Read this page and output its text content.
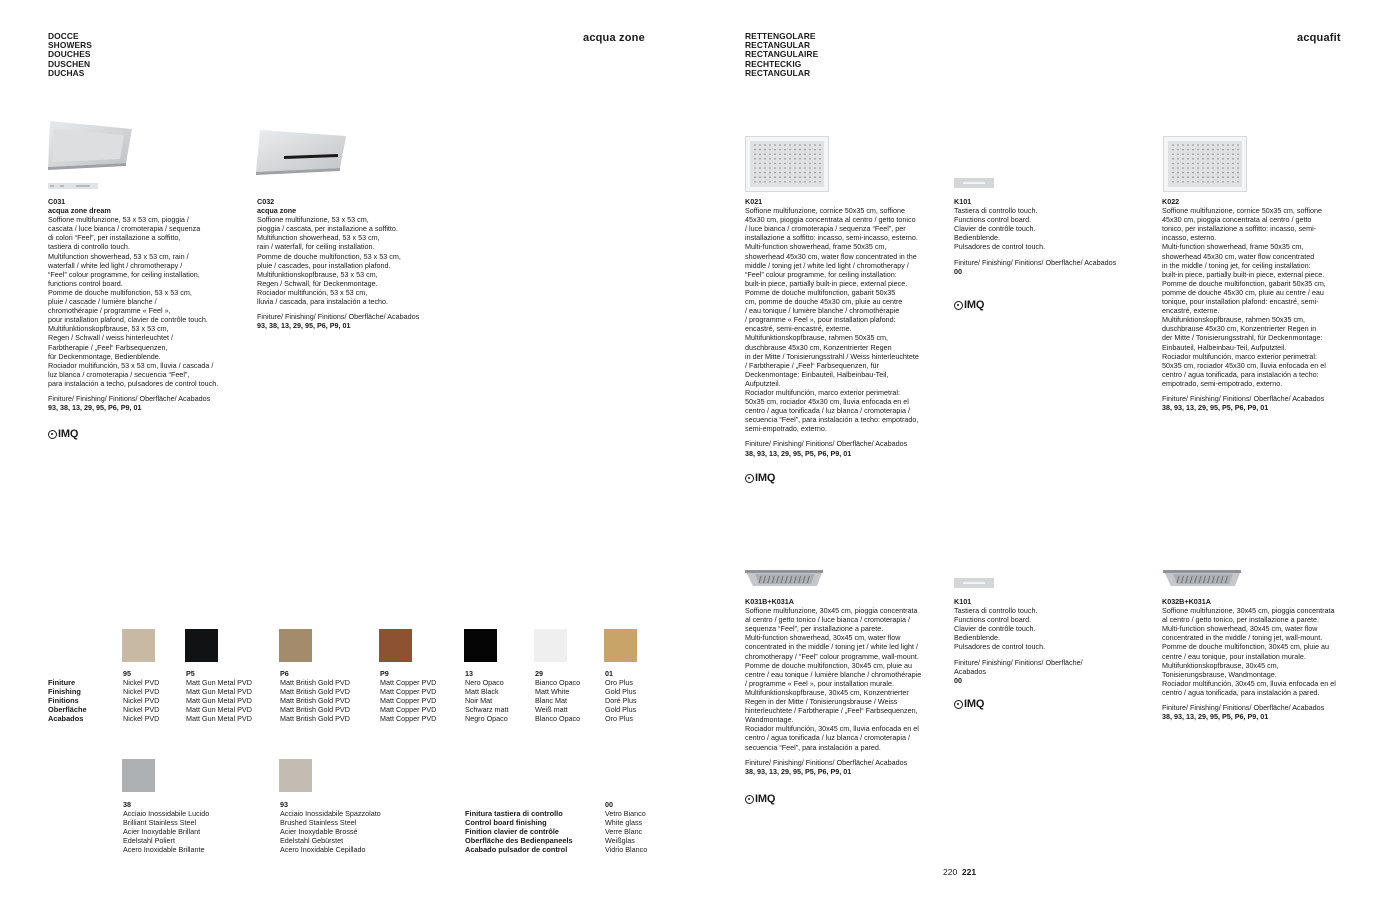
DOCCE
SHOWERS
DOUCHES
DUSCHEN
DUCHAS
acqua zone	RETTENGOLARE
RECTANGULAR
RECTANGULAIRE
RECHTECKIG
RECTANGULAR
acquafit
C031
acqua zone dream
Soffione multifunzione, 53 x 53 cm, pioggia /
cascata / luce bianca / cromoterapia / sequenza
di colori “Feel”, per installazione a soffitto,
tastiera di controllo touch.
Multifunction showerhead, 53 x 53 cm, rain /
waterfall / white led light / chromotherapy /
“Feel” colour programme, for ceiling installation,
functions control board.
Pomme de douche multifonction, 53 x 53 cm,
pluie / cascade / lumière blanche /
chromothérapie / programme « Feel »,
pour installation plafond, clavier de contrôle touch.
Multifunktionskopfbrause, 53 x 53 cm,
Regen / Schwall / weiss hinterleuchtet /
Farbtherapie / „Feel“ Farbsequenzen,
für Deckenmontage, Bedienblende.
Rociador multifunción, 53 x 53 cm, lluvia / cascada /
luz blanca / cromoterapia / secuencia “Feel”,
para instalación a techo, pulsadores de control touch.
Finiture/ Finishing/ Finitions/ Oberfläche/ Acabados
93, 38, 13, 29, 95, P6, P9, 01
IMQ
C032
acqua zone
Soffione multifunzione, 53 x 53 cm,
pioggia / cascata, per installazione a soffitto.
Multifunction showerhead, 53 x 53 cm,
rain / waterfall, for ceiling installation.
Pomme de douche multifonction, 53 x 53 cm,
pluie / cascades, pour installation plafond.
Multifunktionskopfbrause, 53 x 53 cm,
Regen / Schwall, für Deckenmontage.
Rociador multifunción, 53 x 53 cm,
lluvia / cascada, para instalación a techo.
Finiture/ Finishing/ Finitions/ Oberfläche/ Acabados
93, 38, 13, 29, 95, P6, P9, 01
K021
Soffione multifunzione, cornice 50x35 cm, soffione
45x30 cm, pioggia concentrata al centro / getto tonico
/ luce bianca / cromoterapia / sequenza “Feel”, per
installazione a soffitto: incasso, semi-incasso, esterno.
Multi-function showerhead, frame 50x35 cm,
showerhead 45x30 cm, water flow concentrated in the
middle / toning jet / white led light / chromotherapy /
“Feel” colour programme, for ceiling installation:
built-in piece, partially built-in piece, external piece.
Pomme de douche multifonction, gabarit 50x35
cm, pomme de douche 45x30 cm, pluie au centre
/ eau tonique / lumière blanche / chromothérapie
/ programme « Feel », pour installation plafond:
encastré, semi-encastré, externe.
Multifunktionskopfbrause, rahmen 50x35 cm,
duschbrause 45x30 cm, Konzentrierter Regen
in der Mitte / Tonisierungsstrahl / Weiss hinterleuchtete
/ Farbtherapie / „Feel“ Farbsequenzen, für
Deckenmontage: Einbauteil, Halbeinbau-Teil,
Aufputzteil.
Rociador multifunción, marco exterior perimetral:
50x35 cm, rociador 45x30 cm, lluvia enfocada en el
centro / agua tonificada / luz blanca / cromoterapia /
secuencia “Feel”, para instalación a techo: empotrado,
semi-empotrado, externo.
Finiture/ Finishing/ Finitions/ Oberfläche/ Acabados
38, 93, 13, 29, 95, P5, P6, P9, 01
IMQ
K101
Tastiera di controllo touch.
Functions control board.
Clavier de contrôle touch.
Bedienblende.
Pulsadores de control touch.
Finiture/ Finishing/ Finitions/ Oberfläche/ Acabados
00
IMQ
K022
Soffione multifunzione, cornice 50x35 cm, soffione
45x30 cm, pioggia concentrata al centro / getto
tonico, per installazione a soffitto: incasso, semi-
incasso, esterno.
Multi-function showerhead, frame 50x35 cm,
showerhead 45x30 cm, water flow concentrated
in the middle / toning jet, for ceiling installation:
built-in piece, partially built-in piece, external piece.
Pomme de douche multifonction, gabarit 50x35 cm,
pomme de douche 45x30 cm, pluie au centre / eau
tonique, pour installation plafond: encastré, semi-
encastré, externe.
Multifunktionskopfbrause, rahmen 50x35 cm,
duschbrause 45x30 cm, Konzentrierter Regen in
der Mitte / Tonisierungsstrahl, für Deckenmontage:
Einbauteil, Halbeinbau-Teil, Aufputzteil.
Rociador multifunción, marco exterior perimetral:
50x35 cm, rociador 45x30 cm, lluvia enfocada en el
centro / agua tonificada, para instalación a techo:
empotrado, semi-empotrado, externo.
Finiture/ Finishing/ Finitions/ Oberfläche/ Acabados
38, 93, 13, 29, 95, P5, P6, P9, 01
K031B+K031A
Soffione multifunzione, 30x45 cm, pioggia concentrata
al centro / getto tonico / luce bianca / cromoterapia /
sequenza “Feel”, per installazione a parete.
Multi-function showerhead, 30x45 cm, water flow
concentrated in the middle / toning jet / white led light /
chromotherapy / “Feel” colour programme, wall-mount.
Pomme de douche multifonction, 30x45 cm, pluie au
centre / eau tonique / lumière blanche / chromothérapie
/ programme « Feel », pour installation murale.
Multifunktionskopfbrause, 30x45 cm, Konzentrierter
Regen in der Mitte / Tonisierungsbrause / Weiss
hinterleuchtete / Farbtherapie / „Feel“ Farbsequenzen,
Wandmontage.
Rociador multifunción, 30x45 cm, lluvia enfocada en el
centro / agua tonificada / luz blanca / cromoterapia /
secuencia “Feel”, para instalación a pared.
Finiture/ Finishing/ Finitions/ Oberfläche/ Acabados
38, 93, 13, 29, 95, P5, P6, P9, 01
IMQ
K101
Tastiera di controllo touch.
Functions control board.
Clavier de contrôle touch.
Bedienblende.
Pulsadores de control touch.
Finiture/ Finishing/ Finitions/ Oberfläche/
Acabados
00
IMQ
K032B+K031A
Soffione multifunzione, 30x45 cm, pioggia concentrata
al centro / getto tonico, per installazione a parete.
Multi-function showerhead, 30x45 cm, water flow
concentrated in the middle / toning jet, wall-mount.
Pomme de douche multifonction, 30x45 cm, pluie au
centre / eau tonique, pour installation murale.
Multifunktionskopfbrause, 30x45 cm,
Tonisierungsbrause, Wandmontage.
Rociador multifunción, 30x45 cm, lluvia enfocada en el
centro / agua tonificada, para instalación a pared.
Finiture/ Finishing/ Finitions/ Oberfläche/ Acabados
38, 93, 13, 29, 95, P5, P6, P9, 01
Finiture
Finishing
Finitions
Oberfläche
Acabados
95
Nickel PVD
Nickel PVD
Nickel PVD
Nickel PVD
Nickel PVD
P5
Matt Gun Metal PVD
Matt Gun Metal PVD
Matt Gun Metal PVD
Matt Gun Metal PVD
Matt Gun Metal PVD
P6
Matt British Gold PVD
Matt British Gold PVD
Matt British Gold PVD
Matt British Gold PVD
Matt British Gold PVD
P9
Matt Copper PVD
Matt Copper PVD
Matt Copper PVD
Matt Copper PVD
Matt Copper PVD
13
Nero Opaco
Matt Black
Noir Mat
Schwarz matt
Negro Opaco
29
Bianco Opaco
Matt White
Blanc Mat
Weiß matt
Blanco Opaco
01
Oro Plus
Gold Plus
Doré Plus
Gold Plus
Oro Plus
38
Acciaio Inossidabile Lucido
Brilliant Stainless Steel
Acier Inoxydable Brillant
Edelstahl Poliert
Acero Inoxidable Brillante
93
Acciaio Inossidabile Spazzolato
Brushed Stainless Steel
Acier Inoxydable Brossé
Edelstahl Gebürstet
Acero Inoxidable Cepillado
Finitura tastiera di controllo
Control board finishing
Finition clavier de contrôle
Oberfläche des Bedienpaneels
Acabado pulsador de control
00
Vetro Bianco
White glass
Verre Blanc
Weißglas
Vidrio Blanco
220 221
